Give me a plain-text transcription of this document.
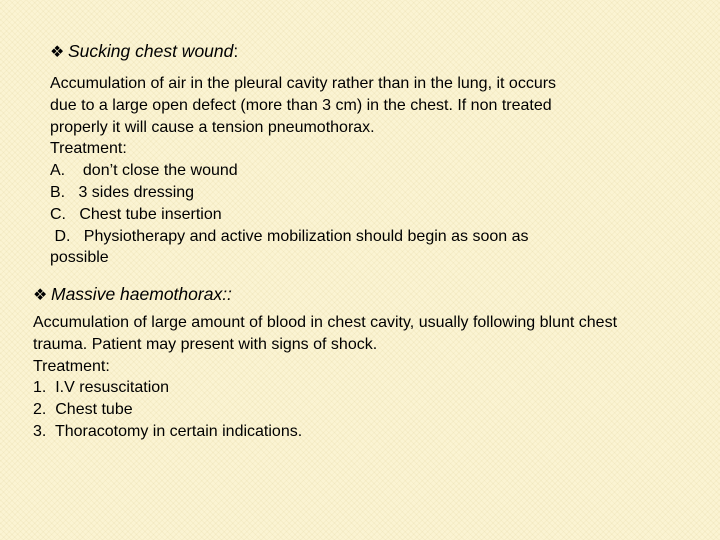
❖ Sucking chest wound :
Accumulation of air in the pleural cavity rather than in the lung, it occurs
due to a large open defect (more than 3 cm) in the chest. If non treated
properly it will cause a tension pneumothorax.
Treatment:
A.    don’t close the wound
B.   3 sides dressing
C.   Chest tube insertion
D.   Physiotherapy and active mobilization should begin as soon as
possible
❖ Massive haemothorax::
Accumulation of large amount of blood in chest cavity, usually following blunt chest
trauma. Patient may present with signs of shock.
Treatment:
1.  I.V resuscitation
2.  Chest tube
3.  Thoracotomy in certain indications.
